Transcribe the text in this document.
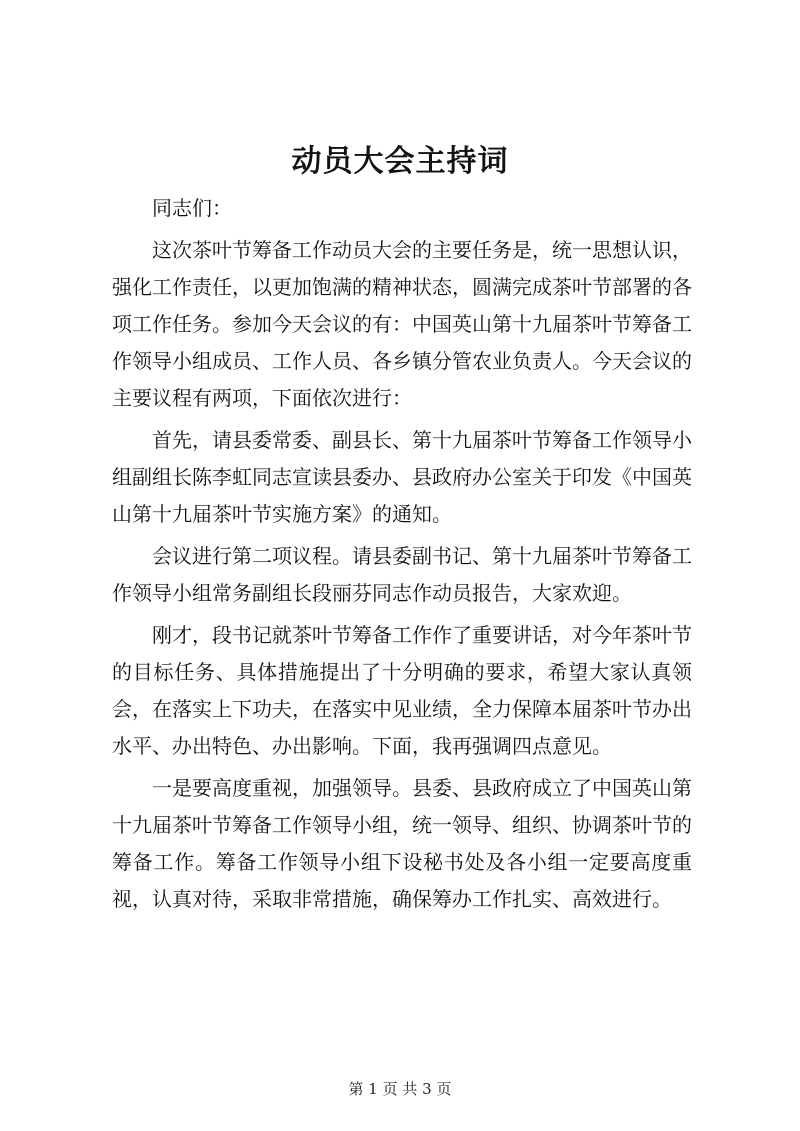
动员大会主持词

同志们：

这次茶叶节筹备工作动员大会的主要任务是，统一思想认识，强化工作责任，以更加饱满的精神状态，圆满完成茶叶节部署的各项工作任务。参加今天会议的有：中国英山第十九届茶叶节筹备工作领导小组成员、工作人员、各乡镇分管农业负责人。今天会议的主要议程有两项，下面依次进行：

首先，请县委常委、副县长、第十九届茶叶节筹备工作领导小组副组长陈李虹同志宣读县委办、县政府办公室关于印发《中国英山第十九届茶叶节实施方案》的通知。

会议进行第二项议程。请县委副书记、第十九届茶叶节筹备工作领导小组常务副组长段丽芬同志作动员报告，大家欢迎。

刚才，段书记就茶叶节筹备工作作了重要讲话，对今年茶叶节的目标任务、具体措施提出了十分明确的要求，希望大家认真领会，在落实上下功夫，在落实中见业绩，全力保障本届茶叶节办出水平、办出特色、办出影响。下面，我再强调四点意见。

一是要高度重视，加强领导。县委、县政府成立了中国英山第十九届茶叶节筹备工作领导小组，统一领导、组织、协调茶叶节的筹备工作。筹备工作领导小组下设秘书处及各小组一定要高度重视，认真对待，采取非常措施，确保筹办工作扎实、高效进行。

第 1 页 共 3 页
